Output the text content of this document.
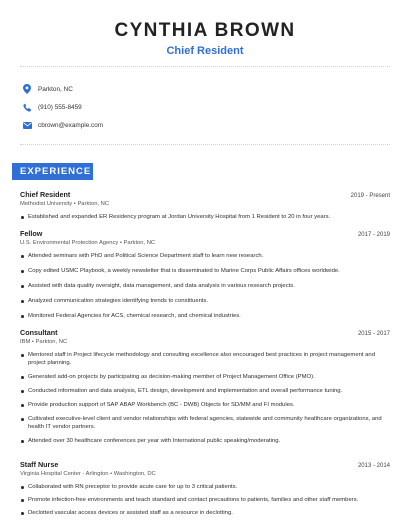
CYNTHIA BROWN
Chief Resident
Parkton, NC
(910) 555-8459
cbrown@example.com
EXPERIENCE
Chief Resident	2019 - Present
Methodist University • Parkton, NC
Established and expanded ER Residency program at Jordan University Hospital from 1 Resident to 20 in four years.
Fellow	2017 - 2019
U.S. Environmental Protection Agency • Parkton, NC
Attended seminars with PhD and Political Science Department staff to learn new research.
Copy edited USMC Playbook, a weekly newsletter that is disseminated to Marine Corps Public Affairs offices worldwide.
Assisted with data quality oversight, data management, and data analysis in various research projects.
Analyzed communication strategies identifying trends to constituents.
Monitored Federal Agencies for ACS, chemical research, and chemical industries.
Consultant	2015 - 2017
IBM • Parkton, NC
Mentored staff in Project lifecycle methodology and consulting excellence also encouraged best practices in project management and project planning.
Generated add-on projects by participating as decision-making member of Project Management Office (PMO).
Conducted information and data analysis, ETL design, development and implementation and overall performance tuning.
Provide production support of SAP ABAP Workbench (BC - DWB) Objects for SD/MM and FI modules.
Cultivated executive-level client and vendor relationships with federal agencies, statewide and community healthcare organizations, and health IT vendor partners.
Attended over 30 healthcare conferences per year with International public speaking/moderating.
Staff Nurse	2013 - 2014
Virginia Hospital Center - Arlington • Washington, DC
Collaborated with RN preceptor to provide acute care for up to 3 critical patients.
Promote infection-free environments and teach standard and contact precautions to patients, families and other staff members.
Declotted vascular access devices or assisted staff as a resource in declotting.
